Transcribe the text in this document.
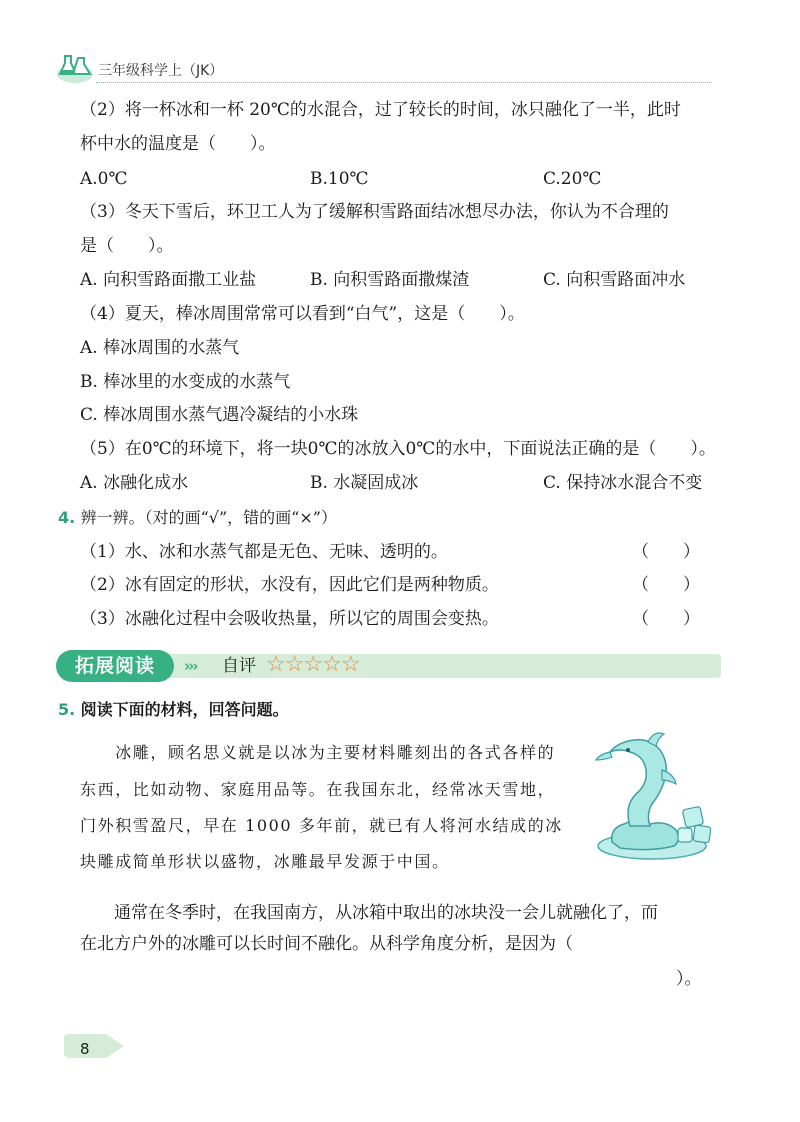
三年级科学上（JK）
（2）将一杯冰和一杯 20℃的水混合，过了较长的时间，冰只融化了一半，此时
杯中水的温度是（　　）。
A.0℃	B.10℃	C.20℃
（3）冬天下雪后，环卫工人为了缓解积雪路面结冰想尽办法，你认为不合理的
是（　　）。
A. 向积雪路面撒工业盐	B. 向积雪路面撒煤渣	C. 向积雪路面冲水
（4）夏天，棒冰周围常常可以看到“白气”，这是（　　）。
A. 棒冰周围的水蒸气
B. 棒冰里的水变成的水蒸气
C. 棒冰周围水蒸气遇冷凝结的小水珠
（5）在0℃的环境下，将一块0℃的冰放入0℃的水中，下面说法正确的是（　　）。
A. 冰融化成水	B. 水凝固成冰	C. 保持冰水混合不变
4. 辨一辨。（对的画“√”，错的画“×”）
（1）水、冰和水蒸气都是无色、无味、透明的。	（　　）
（2）冰有固定的形状，水没有，因此它们是两种物质。	（　　）
（3）冰融化过程中会吸收热量，所以它的周围会变热。	（　　）
拓展阅读	››› 自评 ☆☆☆☆☆
5. 阅读下面的材料，回答问题。
　　冰雕，顾名思义就是以冰为主要材料雕刻出的各式各样的
东西，比如动物、家庭用品等。在我国东北，经常冰天雪地，
门外积雪盈尺，早在 1000 多年前，就已有人将河水结成的冰
块雕成简单形状以盛物，冰雕最早发源于中国。
　　通常在冬季时，在我国南方，从冰箱中取出的冰块没一会儿就融化了，而
在北方户外的冰雕可以长时间不融化。从科学角度分析，是因为（
）。
8
